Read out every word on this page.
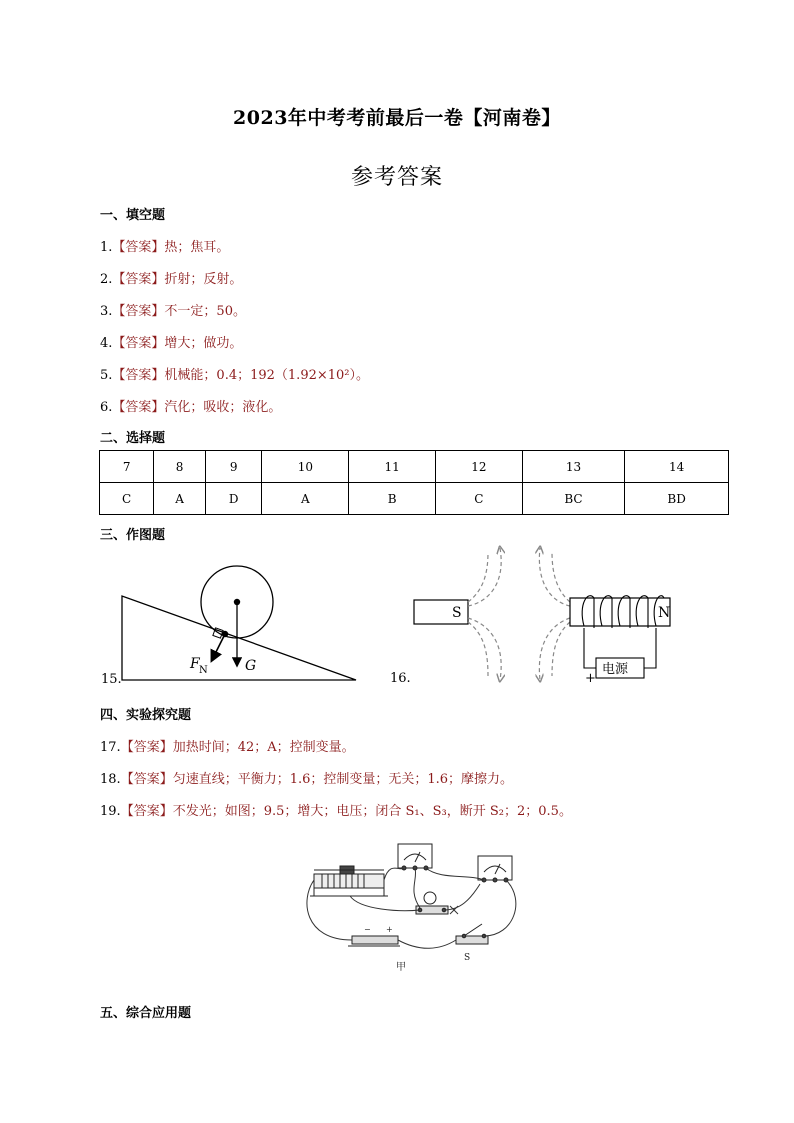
2023年中考考前最后一卷【河南卷】
参考答案
一、填空题
1.【答案】热；焦耳。
2.【答案】折射；反射。
3.【答案】不一定；50。
4.【答案】增大；做功。
5.【答案】机械能；0.4；192（1.92×10²）。
6.【答案】汽化；吸收；液化。
二、选择题
7	8	9	10	11	12	13	14
C	A	D	A	B	C	BC	BD
三、作图题
15.
F N	G
S	N
电源
+
16.
四、实验探究题
17.【答案】加热时间；42；A；控制变量。
18.【答案】匀速直线；平衡力；1.6；控制变量；无关；1.6；摩擦力。
19.【答案】不发光；如图；9.5；增大；电压；闭合 S₁、S₃，断开 S₂；2；0.5。
− +
甲
S
五、综合应用题
